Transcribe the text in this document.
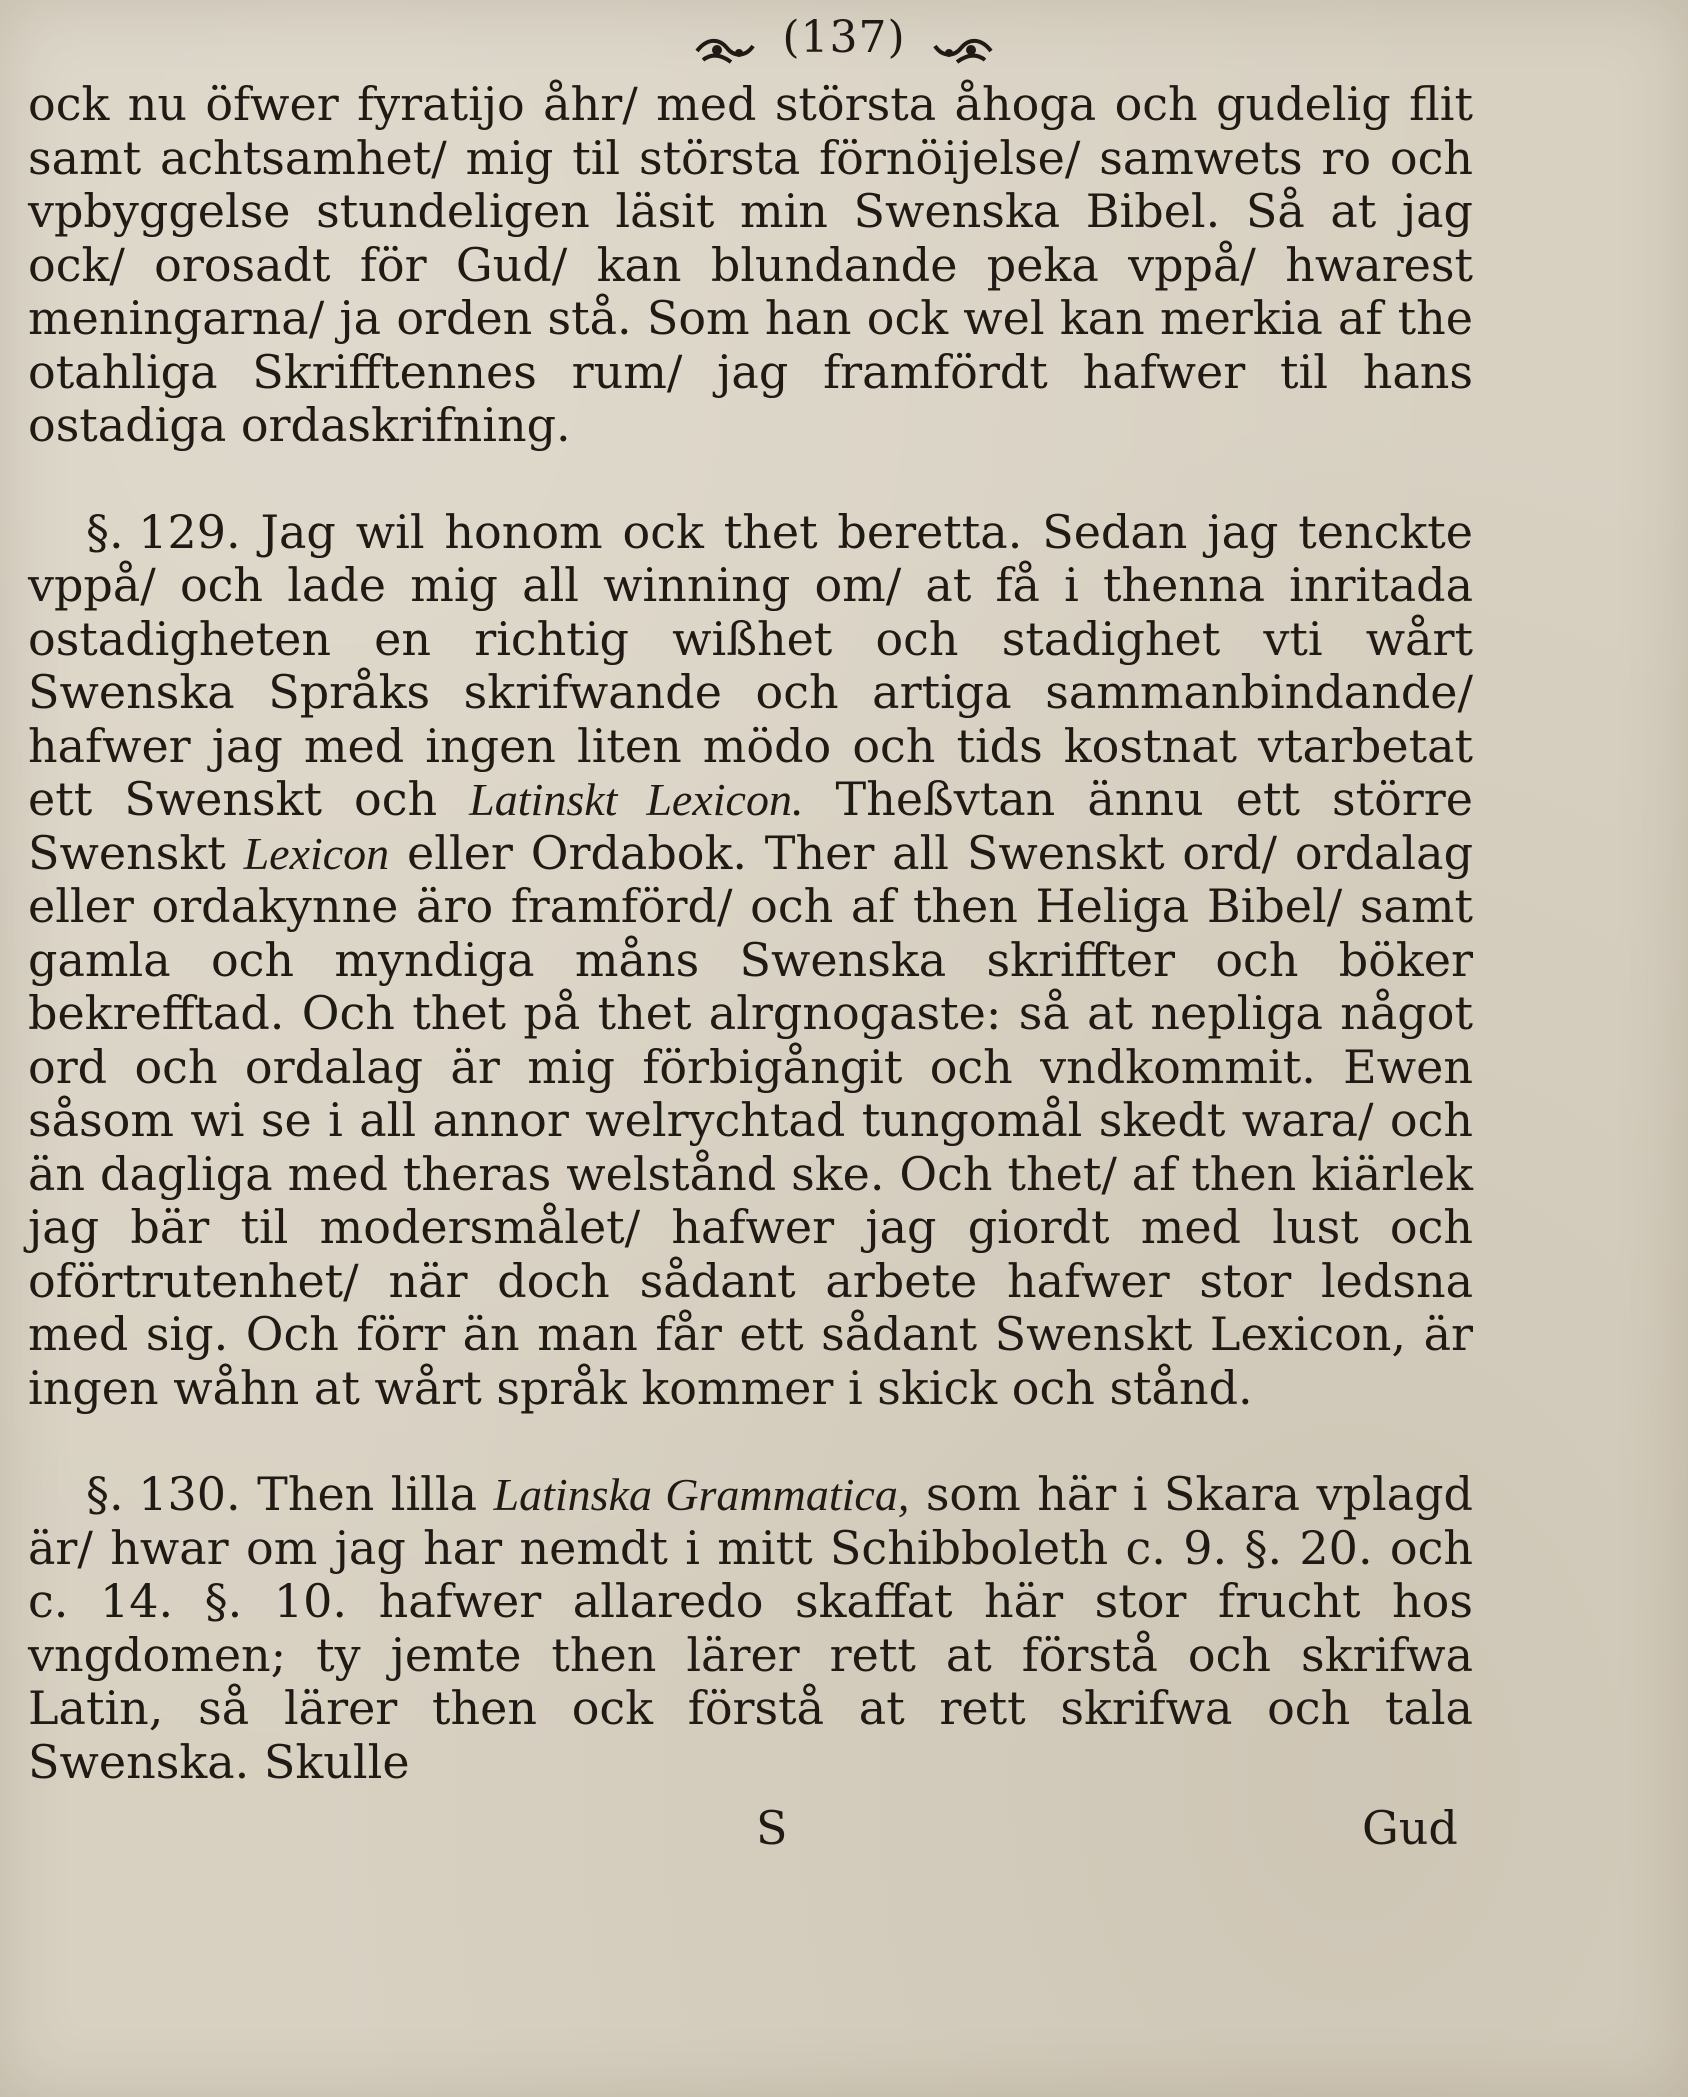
(137)

ock nu öfwer fyratijo åhr/ med största åhoga och gudelig flit samt achtsamhet/ mig til största förnöijelse/ samwets ro och vpbyggelse stundeligen läsit min Swenska Bibel. Så at jag ock/ orosadt för Gud/ kan blundande peka vppå/ hwarest meningarna/ ja orden stå. Som han ock wel kan merkia af the otahliga Skrifftennes rum/ jag framfördt hafwer til hans ostadiga ordaskrifning.

§. 129. Jag wil honom ock thet beretta. Sedan jag tenckte vppå/ och lade mig all winning om/ at få i thenna inritada ostadigheten en richtig wißhet och stadighet vti wårt Swenska Språks skrifwande och artiga sammanbindande/ hafwer jag med ingen liten mödo och tids kostnat vtarbetat ett Swenskt och Latinskt Lexicon. Theßvtan ännu ett större Swenskt Lexicon eller Ordabok. Ther all Swenskt ord/ ordalag eller ordakynne äro framförd/ och af then Heliga Bibel/ samt gamla och myndiga måns Swenska skriffter och böker bekrefftad. Och thet på thet alrgnogaste: så at nepliga något ord och ordalag är mig förbigångit och vndkommit. Ewen såsom wi se i all annor welrychtad tungomål skedt wara/ och än dagliga med theras welstånd ske. Och thet/ af then kiärlek jag bär til modersmålet/ hafwer jag giordt med lust och oförtrutenhet/ när doch sådant arbete hafwer stor ledsna med sig. Och förr än man får ett sådant Swenskt Lexicon, är ingen wåhn at wårt språk kommer i skick och stånd.

§. 130. Then lilla Latinska Grammatica, som här i Skara vplagd är/ hwar om jag har nemdt i mitt Schibboleth c. 9. §. 20. och c. 14. §. 10. hafwer allaredo skaffat här stor frucht hos vngdomen; ty jemte then lärer rett at förstå och skrifwa Latin, så lärer then ock förstå at rett skrifwa och tala Swenska. Skulle

S	Gud
